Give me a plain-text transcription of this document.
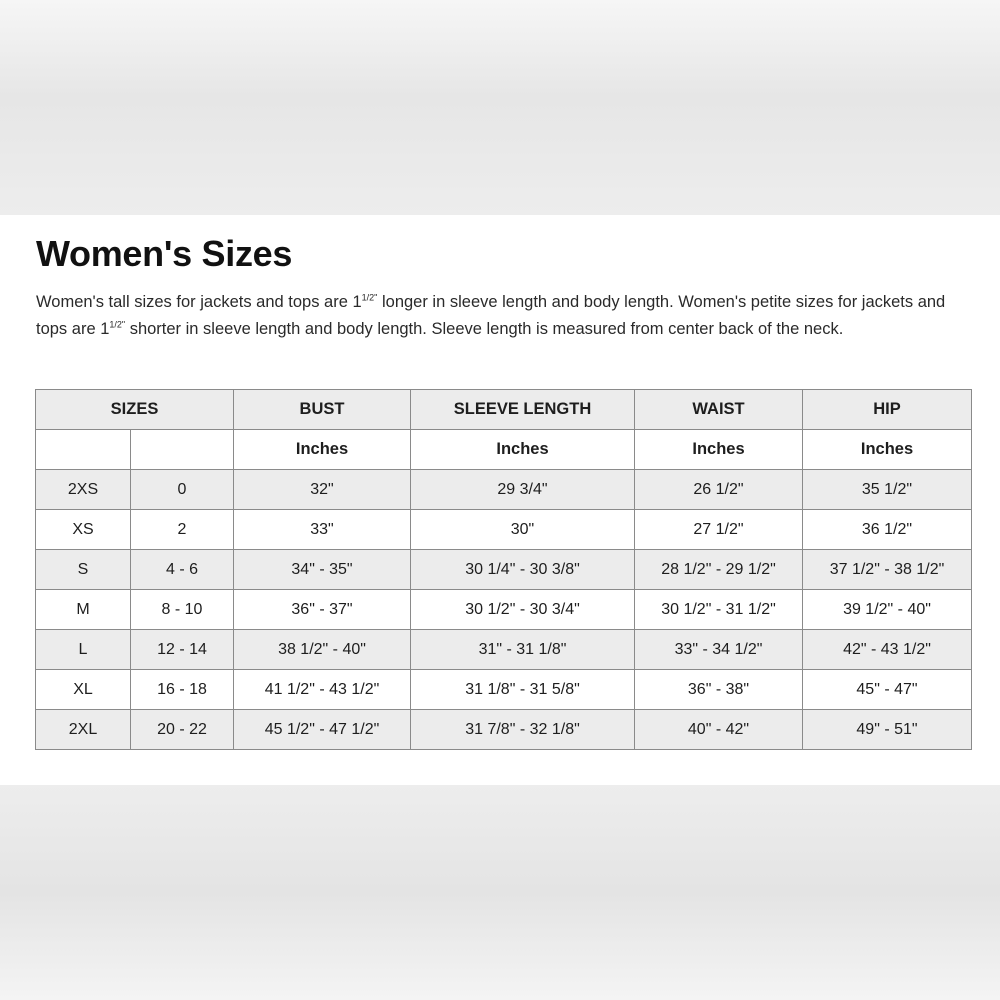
Women's Sizes

Women's tall sizes for jackets and tops are $1^{1/2"}$ longer in sleeve length and body length. Women's petite sizes for jackets and tops are $1^{1/2"}$ shorter in sleeve length and body length. Sleeve length is measured from center back of the neck.

SIZES		BUST	SLEEVE LENGTH	WAIST	HIP
		Inches	Inches	Inches	Inches
2XS	0	32"	29 3/4"	26 1/2"	35 1/2"
XS	2	33"	30"	27 1/2"	36 1/2"
S	4 - 6	34" - 35"	30 1/4" - 30 3/8"	28 1/2" - 29 1/2"	37 1/2" - 38 1/2"
M	8 - 10	36" - 37"	30 1/2" - 30 3/4"	30 1/2" - 31 1/2"	39 1/2" - 40"
L	12 - 14	38 1/2" - 40"	31" - 31 1/8"	33" - 34 1/2"	42" - 43 1/2"
XL	16 - 18	41 1/2" - 43 1/2"	31 1/8" - 31 5/8"	36" - 38"	45" - 47"
2XL	20 - 22	45 1/2" - 47 1/2"	31 7/8" - 32 1/8"	40" - 42"	49" - 51"
